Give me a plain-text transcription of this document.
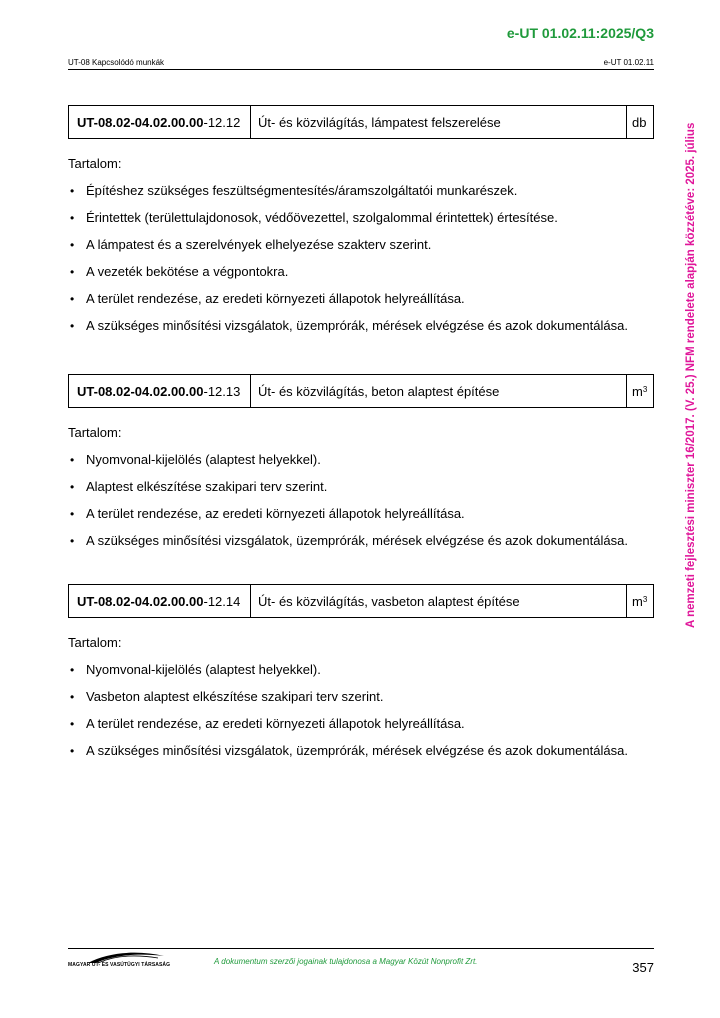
e-UT 01.02.11:2025/Q3
UT-08 Kapcsolódó munkák	e-UT 01.02.11
A nemzeti fejlesztési miniszter 16/2017. (V. 25.) NFM rendelete alapján közzétéve: 2025. július
UT-08.02-04.02.00.00 -12.12	Út- és közvilágítás, lámpatest felszerelése	db

Tartalom:

• Építéshez szükséges feszültségmentesítés/áramszolgáltatói munkarészek.
• Érintettek (területtulajdonosok, védőövezettel, szolgalommal érintettek) értesítése.
• A lámpatest és a szerelvények elhelyezése szakterv szerint.
• A vezeték bekötése a végpontokra.
• A terület rendezése, az eredeti környezeti állapotok helyreállítása.
• A szükséges minősítési vizsgálatok, üzemprórák, mérések elvégzése és azok dokumentálása.
UT-08.02-04.02.00.00 -12.13	Út- és közvilágítás, beton alaptest építése	$m^3$

Tartalom:

• Nyomvonal-kijelölés (alaptest helyekkel).
• Alaptest elkészítése szakipari terv szerint.
• A terület rendezése, az eredeti környezeti állapotok helyreállítása.
• A szükséges minősítési vizsgálatok, üzemprórák, mérések elvégzése és azok dokumentálása.
UT-08.02-04.02.00.00 -12.14	Út- és közvilágítás, vasbeton alaptest építése	$m^3$

Tartalom:

• Nyomvonal-kijelölés (alaptest helyekkel).
• Vasbeton alaptest elkészítése szakipari terv szerint.
• A terület rendezése, az eredeti környezeti állapotok helyreállítása.
• A szükséges minősítési vizsgálatok, üzemprórák, mérések elvégzése és azok dokumentálása.
MAGYAR ÚT- ÉS VASÚTÜGYI TÁRSASÁG	A dokumentum szerzői jogainak tulajdonosa a Magyar Közút Nonprofit Zrt.	357
